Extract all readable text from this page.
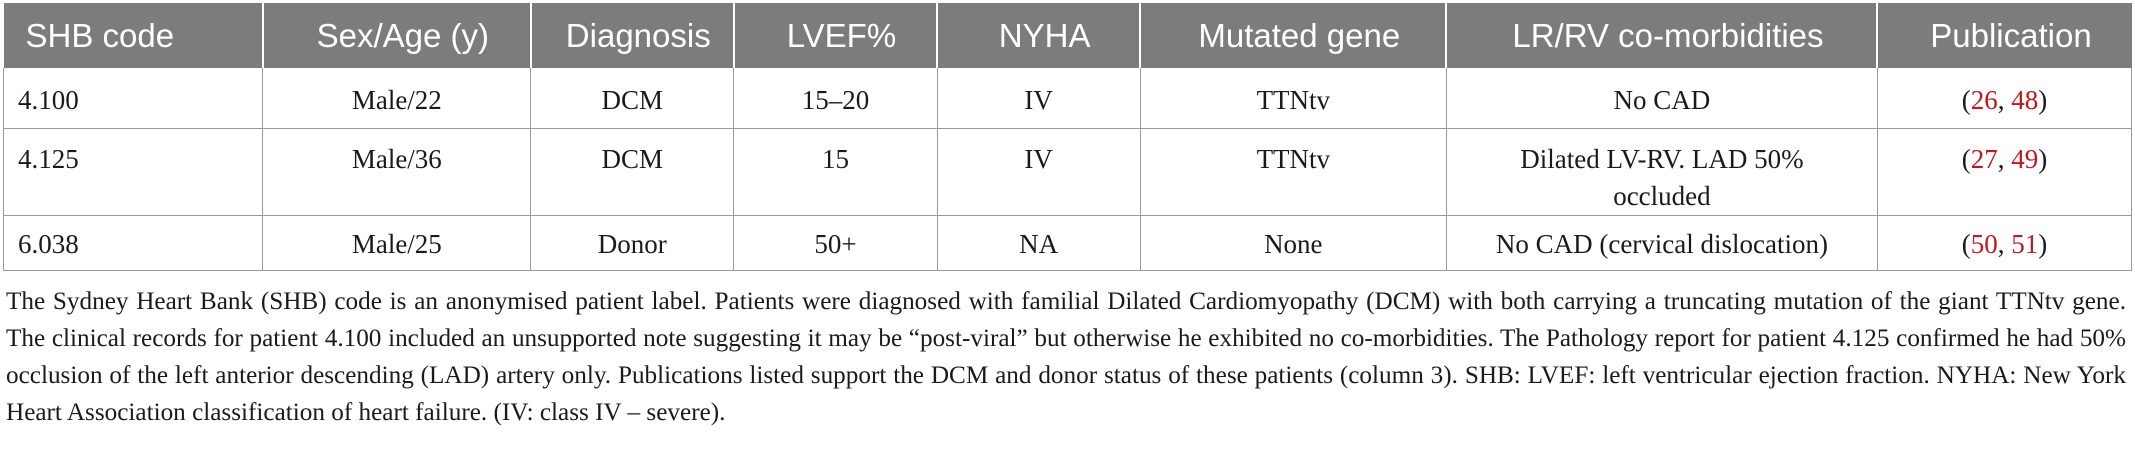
SHB code	Sex/Age (y)	Diagnosis	LVEF%	NYHA	Mutated gene	LR/RV co-morbidities	Publication
4.100	Male/22	DCM	15–20	IV	TTNtv	No CAD	(26, 48)
4.125	Male/36	DCM	15	IV	TTNtv	Dilated LV-RV. LAD 50% occluded	(27, 49)
6.038	Male/25	Donor	50+	NA	None	No CAD (cervical dislocation)	(50, 51)
The Sydney Heart Bank (SHB) code is an anonymised patient label. Patients were diagnosed with familial Dilated Cardiomyopathy (DCM) with both carrying a truncating mutation of the giant TTNtv gene. The clinical records for patient 4.100 included an unsupported note suggesting it may be “post-viral” but otherwise he exhibited no co-morbidities. The Pathology report for patient 4.125 confirmed he had 50% occlusion of the left anterior descending (LAD) artery only. Publications listed support the DCM and donor status of these patients (column 3). SHB: LVEF: left ventricular ejection fraction. NYHA: New York Heart Association classification of heart failure. (IV: class IV – severe).
